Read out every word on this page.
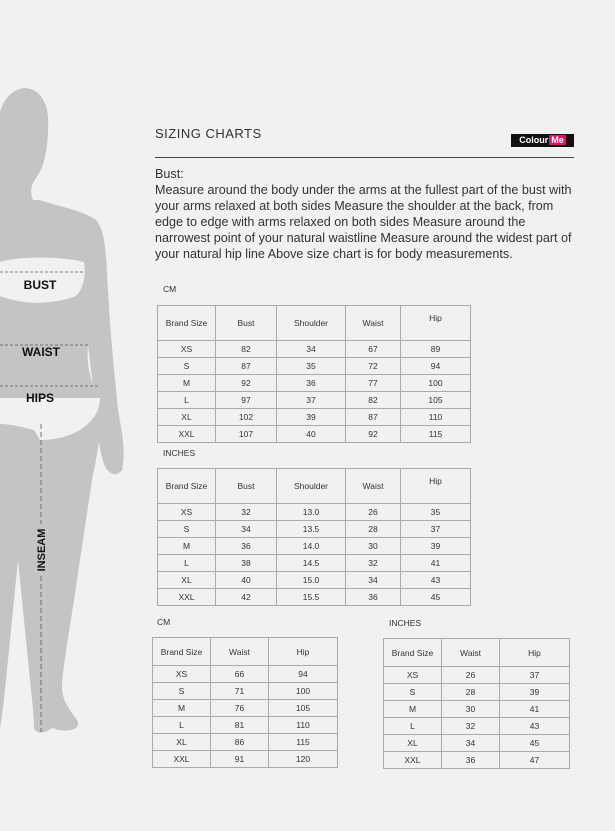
BUST
WAIST
HIPS
INSEAM
SIZING CHARTS	Colour Me

Bust:

Measure around the body under the arms at the fullest part of the bust with your arms relaxed at both sides Measure the shoulder at the back, from edge to edge with arms relaxed on both sides Measure around the narrowest point of your natural waistline Measure around the widest part of your natural hip line Above size chart is for body measurements.

CM
Brand Size	Bust	Shoulder	Waist	Hip
XS	82	34	67	89
S	87	35	72	94
M	92	36	77	100
L	97	37	82	105
XL	102	39	87	110
XXL	107	40	92	115
INCHES
Brand Size	Bust	Shoulder	Waist	Hip
XS	32	13.0	26	35
S	34	13.5	28	37
M	36	14.0	30	39
L	38	14.5	32	41
XL	40	15.0	34	43
XXL	42	15.5	36	45
CM
Brand Size	Waist	Hip
XS	66	94
S	71	100
M	76	105
L	81	110
XL	86	115
XXL	91	120
INCHES
Brand Size	Waist	Hip
XS	26	37
S	28	39
M	30	41
L	32	43
XL	34	45
XXL	36	47
